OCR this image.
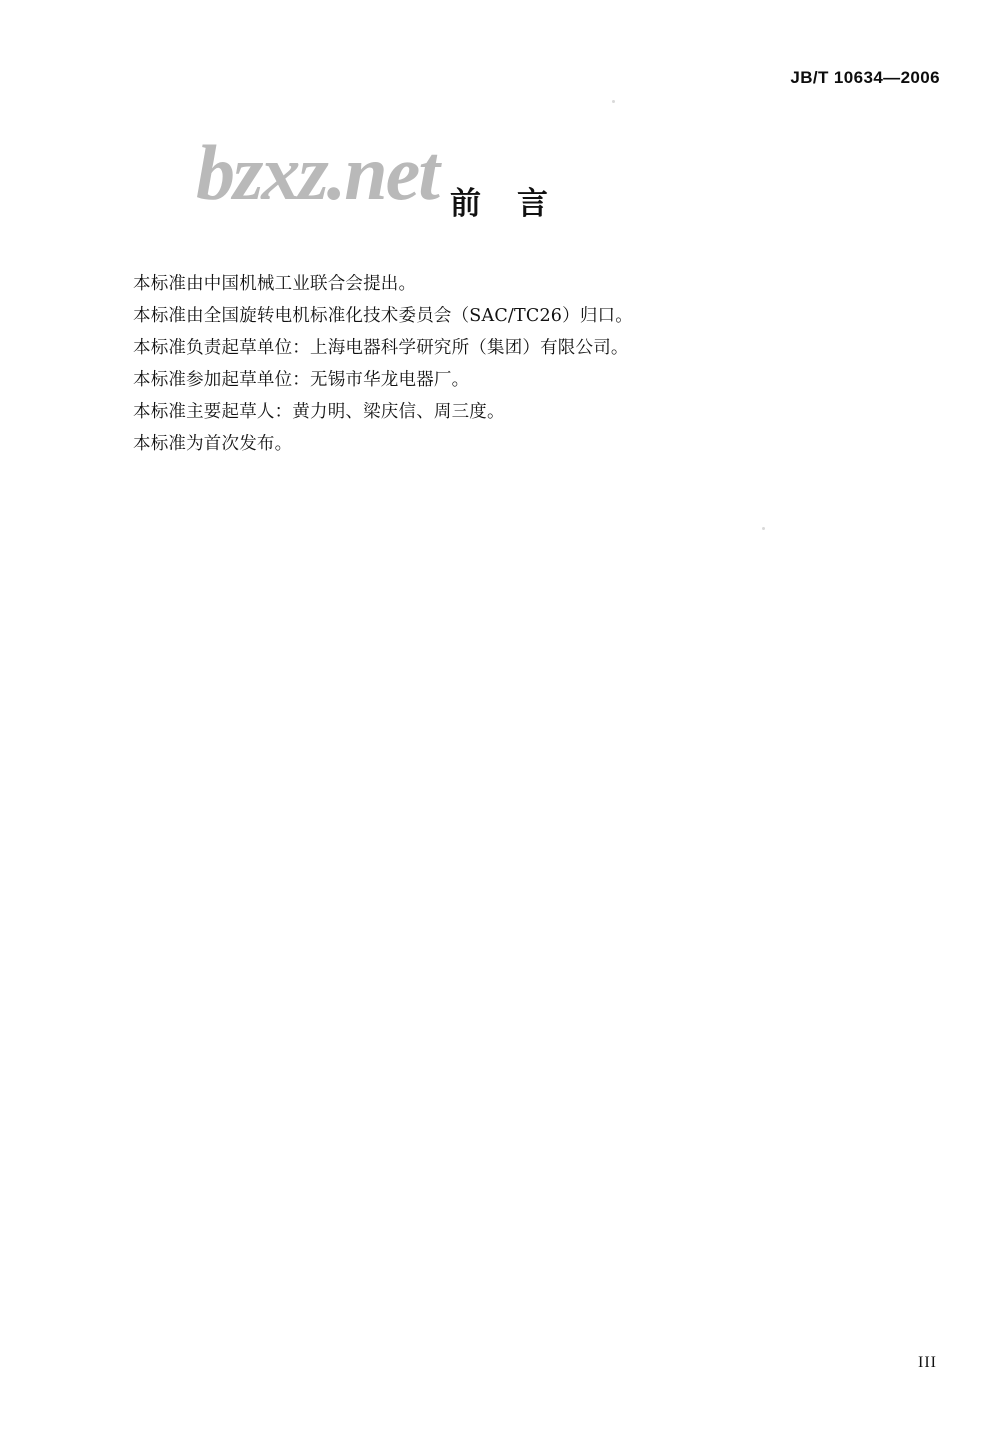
JB/T 10634—2006
bzxz.net 前 言

本标准由中国机械工业联合会提出。

本标准由全国旋转电机标准化技术委员会（SAC/TC26）归口。

本标准负责起草单位：上海电器科学研究所（集团）有限公司。

本标准参加起草单位：无锡市华龙电器厂。

本标准主要起草人：黄力明、梁庆信、周三度。

本标准为首次发布。

III
